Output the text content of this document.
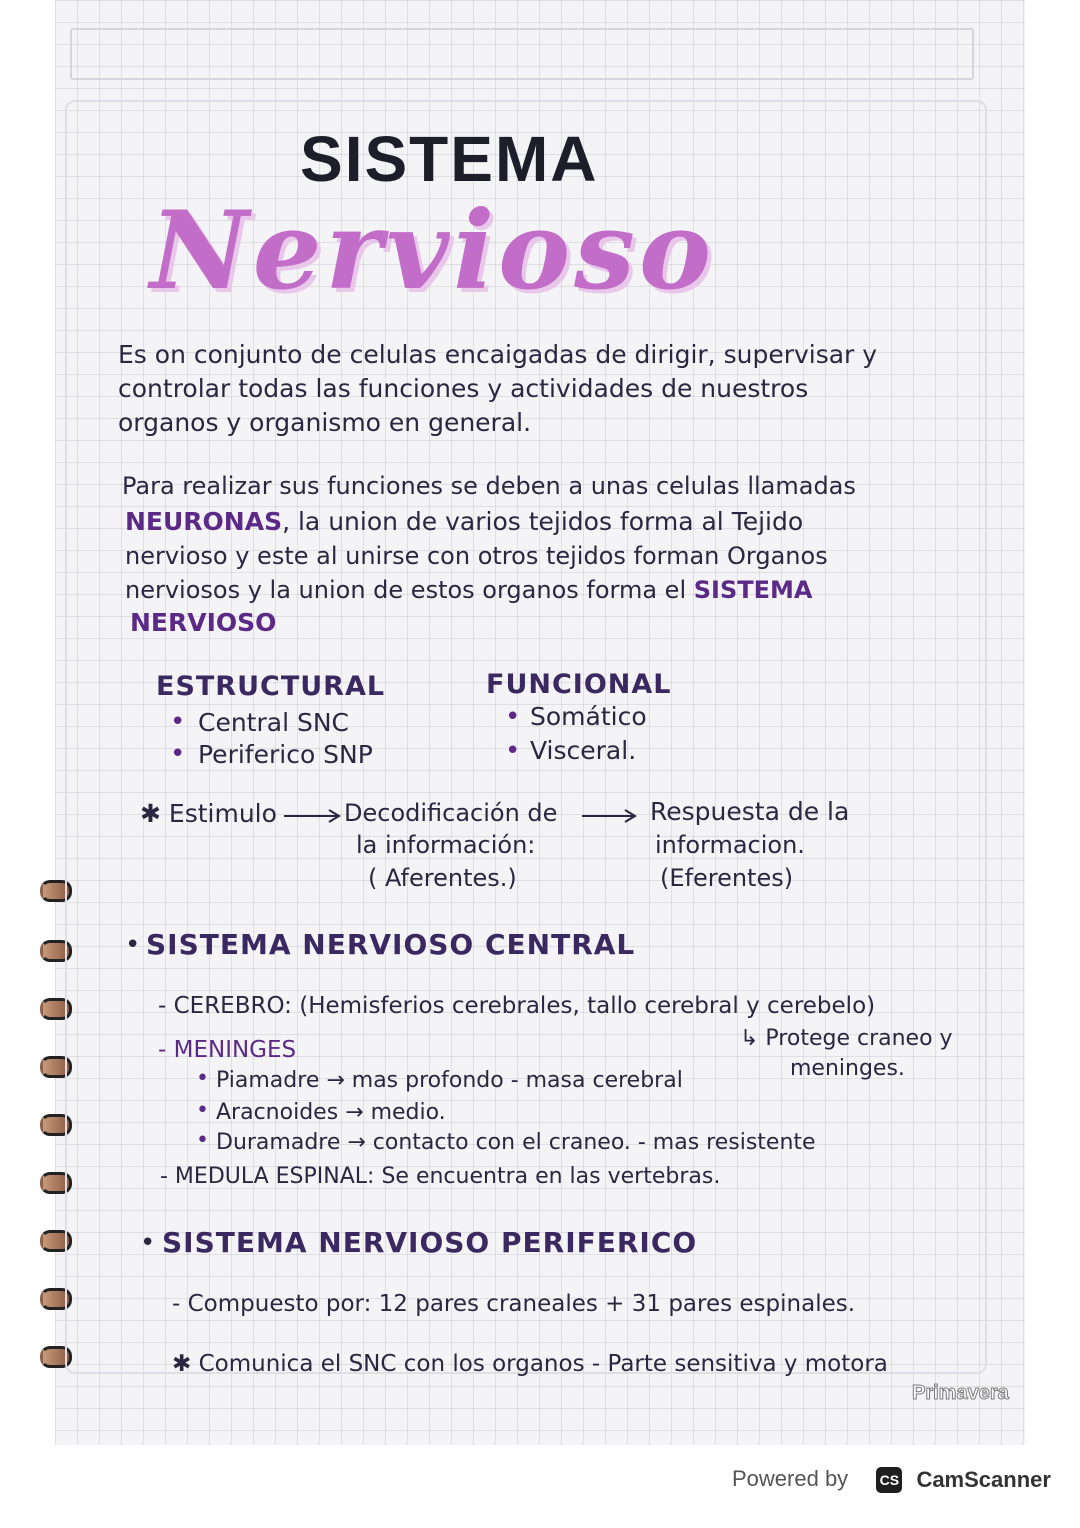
SISTEMA
Nervioso
Es on conjunto de celulas encaigadas de dirigir, supervisar y
controlar todas las funciones y actividades de nuestros
organos y organismo en general.
Para realizar sus funciones se deben a unas celulas llamadas
NEURONAS, la union de varios tejidos forma al Tejido
nervioso y este al unirse con otros tejidos forman Organos
nerviosos y la union de estos organos forma el SISTEMA
NERVIOSO
ESTRUCTURAL
• Central SNC
• Periferico SNP
FUNCIONAL
• Somático
• Visceral.
✱ Estimulo	Decodificación de
la información:
( Aferentes.)
Respuesta de la
informacion.
(Eferentes)
• SISTEMA NERVIOSO CENTRAL
- CEREBRO: (Hemisferios cerebrales, tallo cerebral y cerebelo)
↳ Protege craneo y
meninges.
- MENINGES
• Piamadre → mas profondo - masa cerebral
• Aracnoides → medio.
• Duramadre → contacto con el craneo. - mas resistente
- MEDULA ESPINAL: Se encuentra en las vertebras.
• SISTEMA NERVIOSO PERIFERICO
- Compuesto por: 12 pares craneales + 31 pares espinales.
✱ Comunica el SNC con los organos - Parte sensitiva y motora
Primavera
Powered by CS CamScanner
